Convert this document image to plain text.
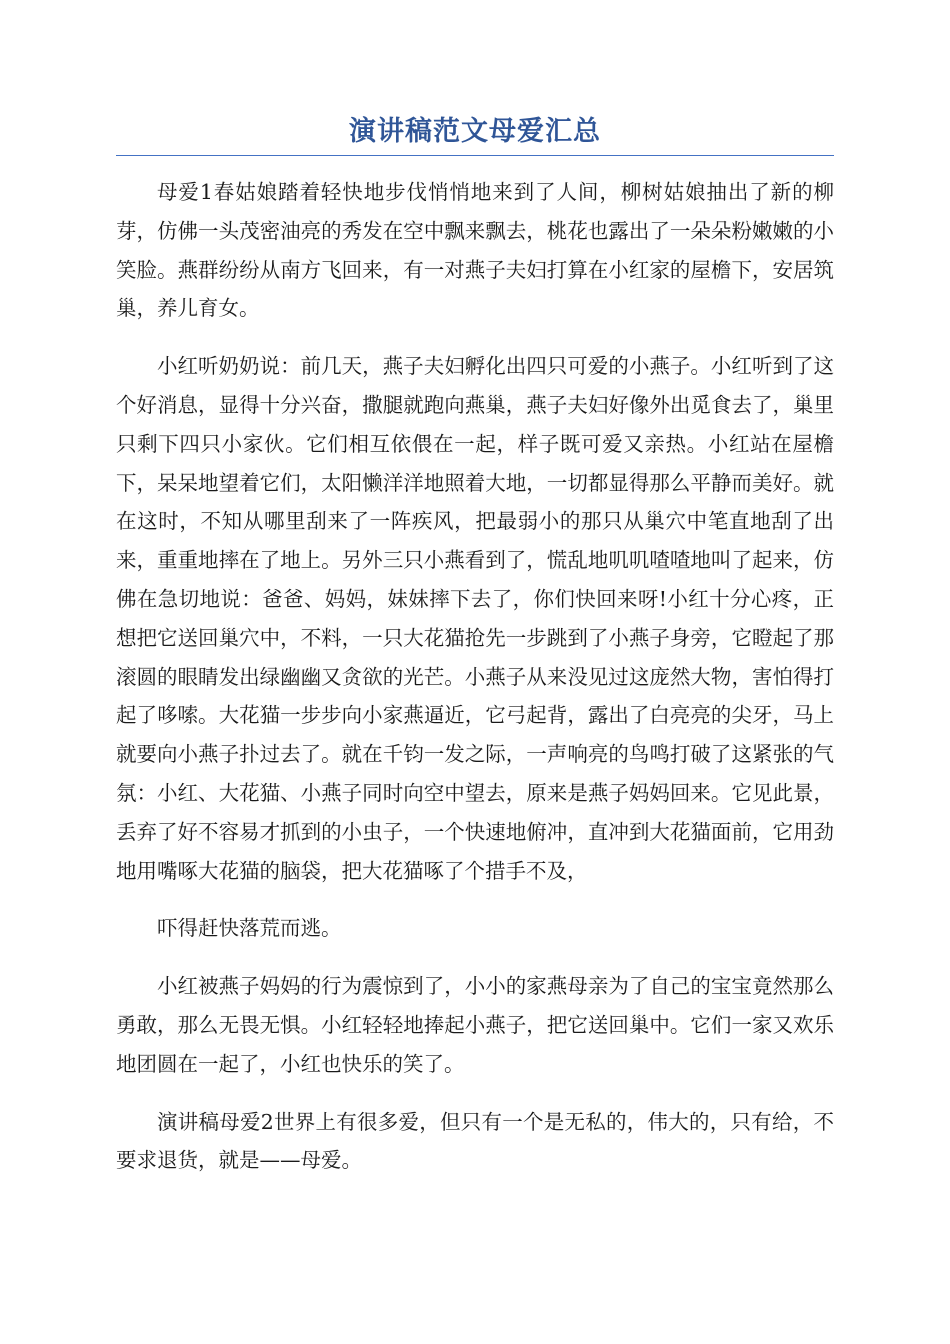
演讲稿范文母爱汇总

母爱1春姑娘踏着轻快地步伐悄悄地来到了人间，柳树姑娘抽出了新的柳芽，仿佛一头茂密油亮的秀发在空中飘来飘去，桃花也露出了一朵朵粉嫩嫩的小笑脸。燕群纷纷从南方飞回来，有一对燕子夫妇打算在小红家的屋檐下，安居筑巢，养儿育女。

小红听奶奶说：前几天，燕子夫妇孵化出四只可爱的小燕子。小红听到了这个好消息，显得十分兴奋，撒腿就跑向燕巢，燕子夫妇好像外出觅食去了，巢里只剩下四只小家伙。它们相互依偎在一起，样子既可爱又亲热。小红站在屋檐下，呆呆地望着它们，太阳懒洋洋地照着大地，一切都显得那么平静而美好。就在这时，不知从哪里刮来了一阵疾风，把最弱小的那只从巢穴中笔直地刮了出来，重重地摔在了地上。另外三只小燕看到了，慌乱地叽叽喳喳地叫了起来，仿佛在急切地说：爸爸、妈妈，妹妹摔下去了，你们快回来呀!小红十分心疼，正想把它送回巢穴中，不料，一只大花猫抢先一步跳到了小燕子身旁，它瞪起了那滚圆的眼睛发出绿幽幽又贪欲的光芒。小燕子从来没见过这庞然大物，害怕得打起了哆嗦。大花猫一步步向小家燕逼近，它弓起背，露出了白亮亮的尖牙，马上就要向小燕子扑过去了。就在千钧一发之际，一声响亮的鸟鸣打破了这紧张的气氛：小红、大花猫、小燕子同时向空中望去，原来是燕子妈妈回来。它见此景，丢弃了好不容易才抓到的小虫子，一个快速地俯冲，直冲到大花猫面前，它用劲地用嘴啄大花猫的脑袋，把大花猫啄了个措手不及，

吓得赶快落荒而逃。

小红被燕子妈妈的行为震惊到了，小小的家燕母亲为了自己的宝宝竟然那么勇敢，那么无畏无惧。小红轻轻地捧起小燕子，把它送回巢中。它们一家又欢乐地团圆在一起了，小红也快乐的笑了。

演讲稿母爱2世界上有很多爱，但只有一个是无私的，伟大的，只有给，不要求退货，就是——母爱。
